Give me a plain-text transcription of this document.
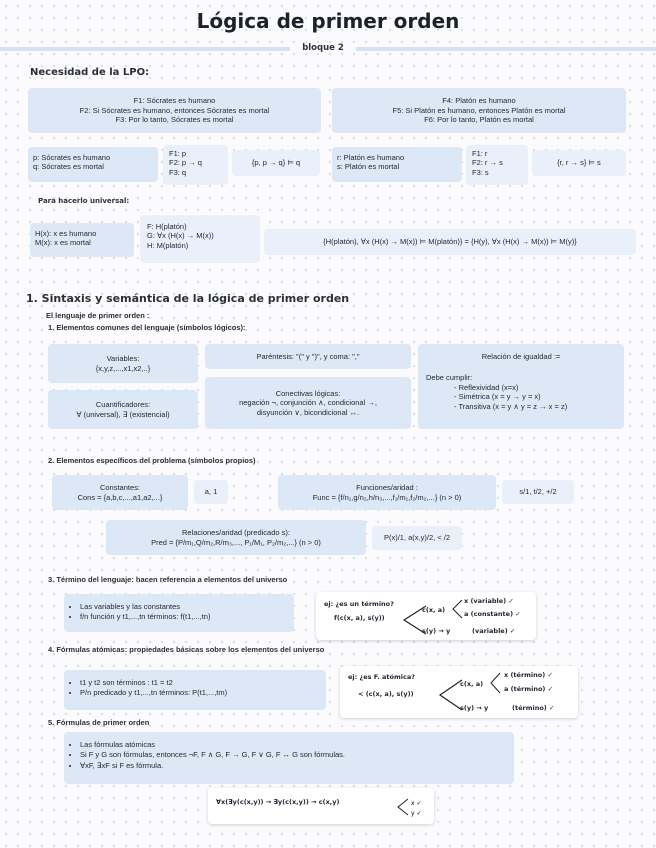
Lógica de primer orden
bloque 2
Necesidad de la LPO:
F1: Sócrates es humano
F2: Si Sócrates es humano, entonces Sócrates es mortal
F3: Por lo tanto, Sócrates es mortal
F4: Platón es humano
F5: Si Platón es humano, entonces Platón es mortal
F6: Por lo tanto, Platón es mortal
p: Sócrates es humano
q: Sócrates es mortal
F1: p
F2: p → q
F3: q
{p, p → q} ⊨ q
r: Platón es humano
s: Platón es mortal
F1: r
F2: r → s
F3: s
{r, r → s} ⊨ s
Para hacerlo universal:
H(x): x es humano
M(x): x es mortal
F: H(platón)
G: ∀x (H(x) → M(x))
H: M(platón)	{H(platón), ∀x (H(x) → M(x)) ⊨ M(platón)} = {H(y), ∀x (H(x) → M(x)) ⊨ M(y)}
1. Sintaxis y semántica de la lógica de primer orden
El lenguaje de primer orden :
1. Elementos comunes del lenguaje (símbolos lógicos):
Variables:
{x,y,z,...,x1,x2,..}
Cuantificadores:
∀ (universal), ∃ (existencial)
Paréntesis: "(" y ")", y coma: ","
Conectivas lógicas:
negación ¬, conjunción ∧, condicional →,
disyunción ∨, bicondicional ↔.
Relación de igualdad :=
Debe cumplir:
- Reflexividad (x=x)
- Simétrica (x = y → y = x)
- Transitiva (x = y ∧ y = z → x = z)
2. Elementos específicos del problema (símbolos propios)
Constantes:
Cons = {a,b,c,...,a1,a2,...}
a, 1	Funciones/aridad :
Func = {f/n₁,g/n₂,h/n₃,...,f₁/m₁,f₂/m₂,...} (n > 0)
s/1, t/2, +/2
Relaciones/aridad (predicado s):
Pred = {P/m₁,Q/m₂,R/m₃,..., P₁/M₁, P₂/m₂,...} (n > 0)	P(x)/1, a(x,y)/2, < /2
3. Término del lenguaje: hacen referencia a elementos del universo
• Las variables y las constantes
• f/n función y t1,...,tn términos: f(t1,...,tn)
ej: ¿es un término?
f(c(x, a), s(y))
c(x, a)
s(y) → y
x (variable) ✓
a (constante) ✓
(variable) ✓
4. Fórmulas atómicas: propiedades básicas sobre los elementos del universo
• t1 y t2 son términos : t1 = t2
• P/n predicado y t1,...,tn términos: P(t1,...,tm)
ej: ¿es F. atómica?
< (c(x, a), s(y))
c(x, a)
s(y) → y
x (término) ✓
a (término) ✓
(término) ✓
5. Fórmulas de primer orden
• Las fórmulas atómicas
• Si F y G son fórmulas, entonces ¬F, F ∧ G, F → G, F ∨ G, F ↔ G son fórmulas.
• ∀xF, ∃xF si F es fórmula.
∀x(∃y(c(x,y)) → ∃y(c(x,y)) → c(x,y)	x ✓
y ✓
